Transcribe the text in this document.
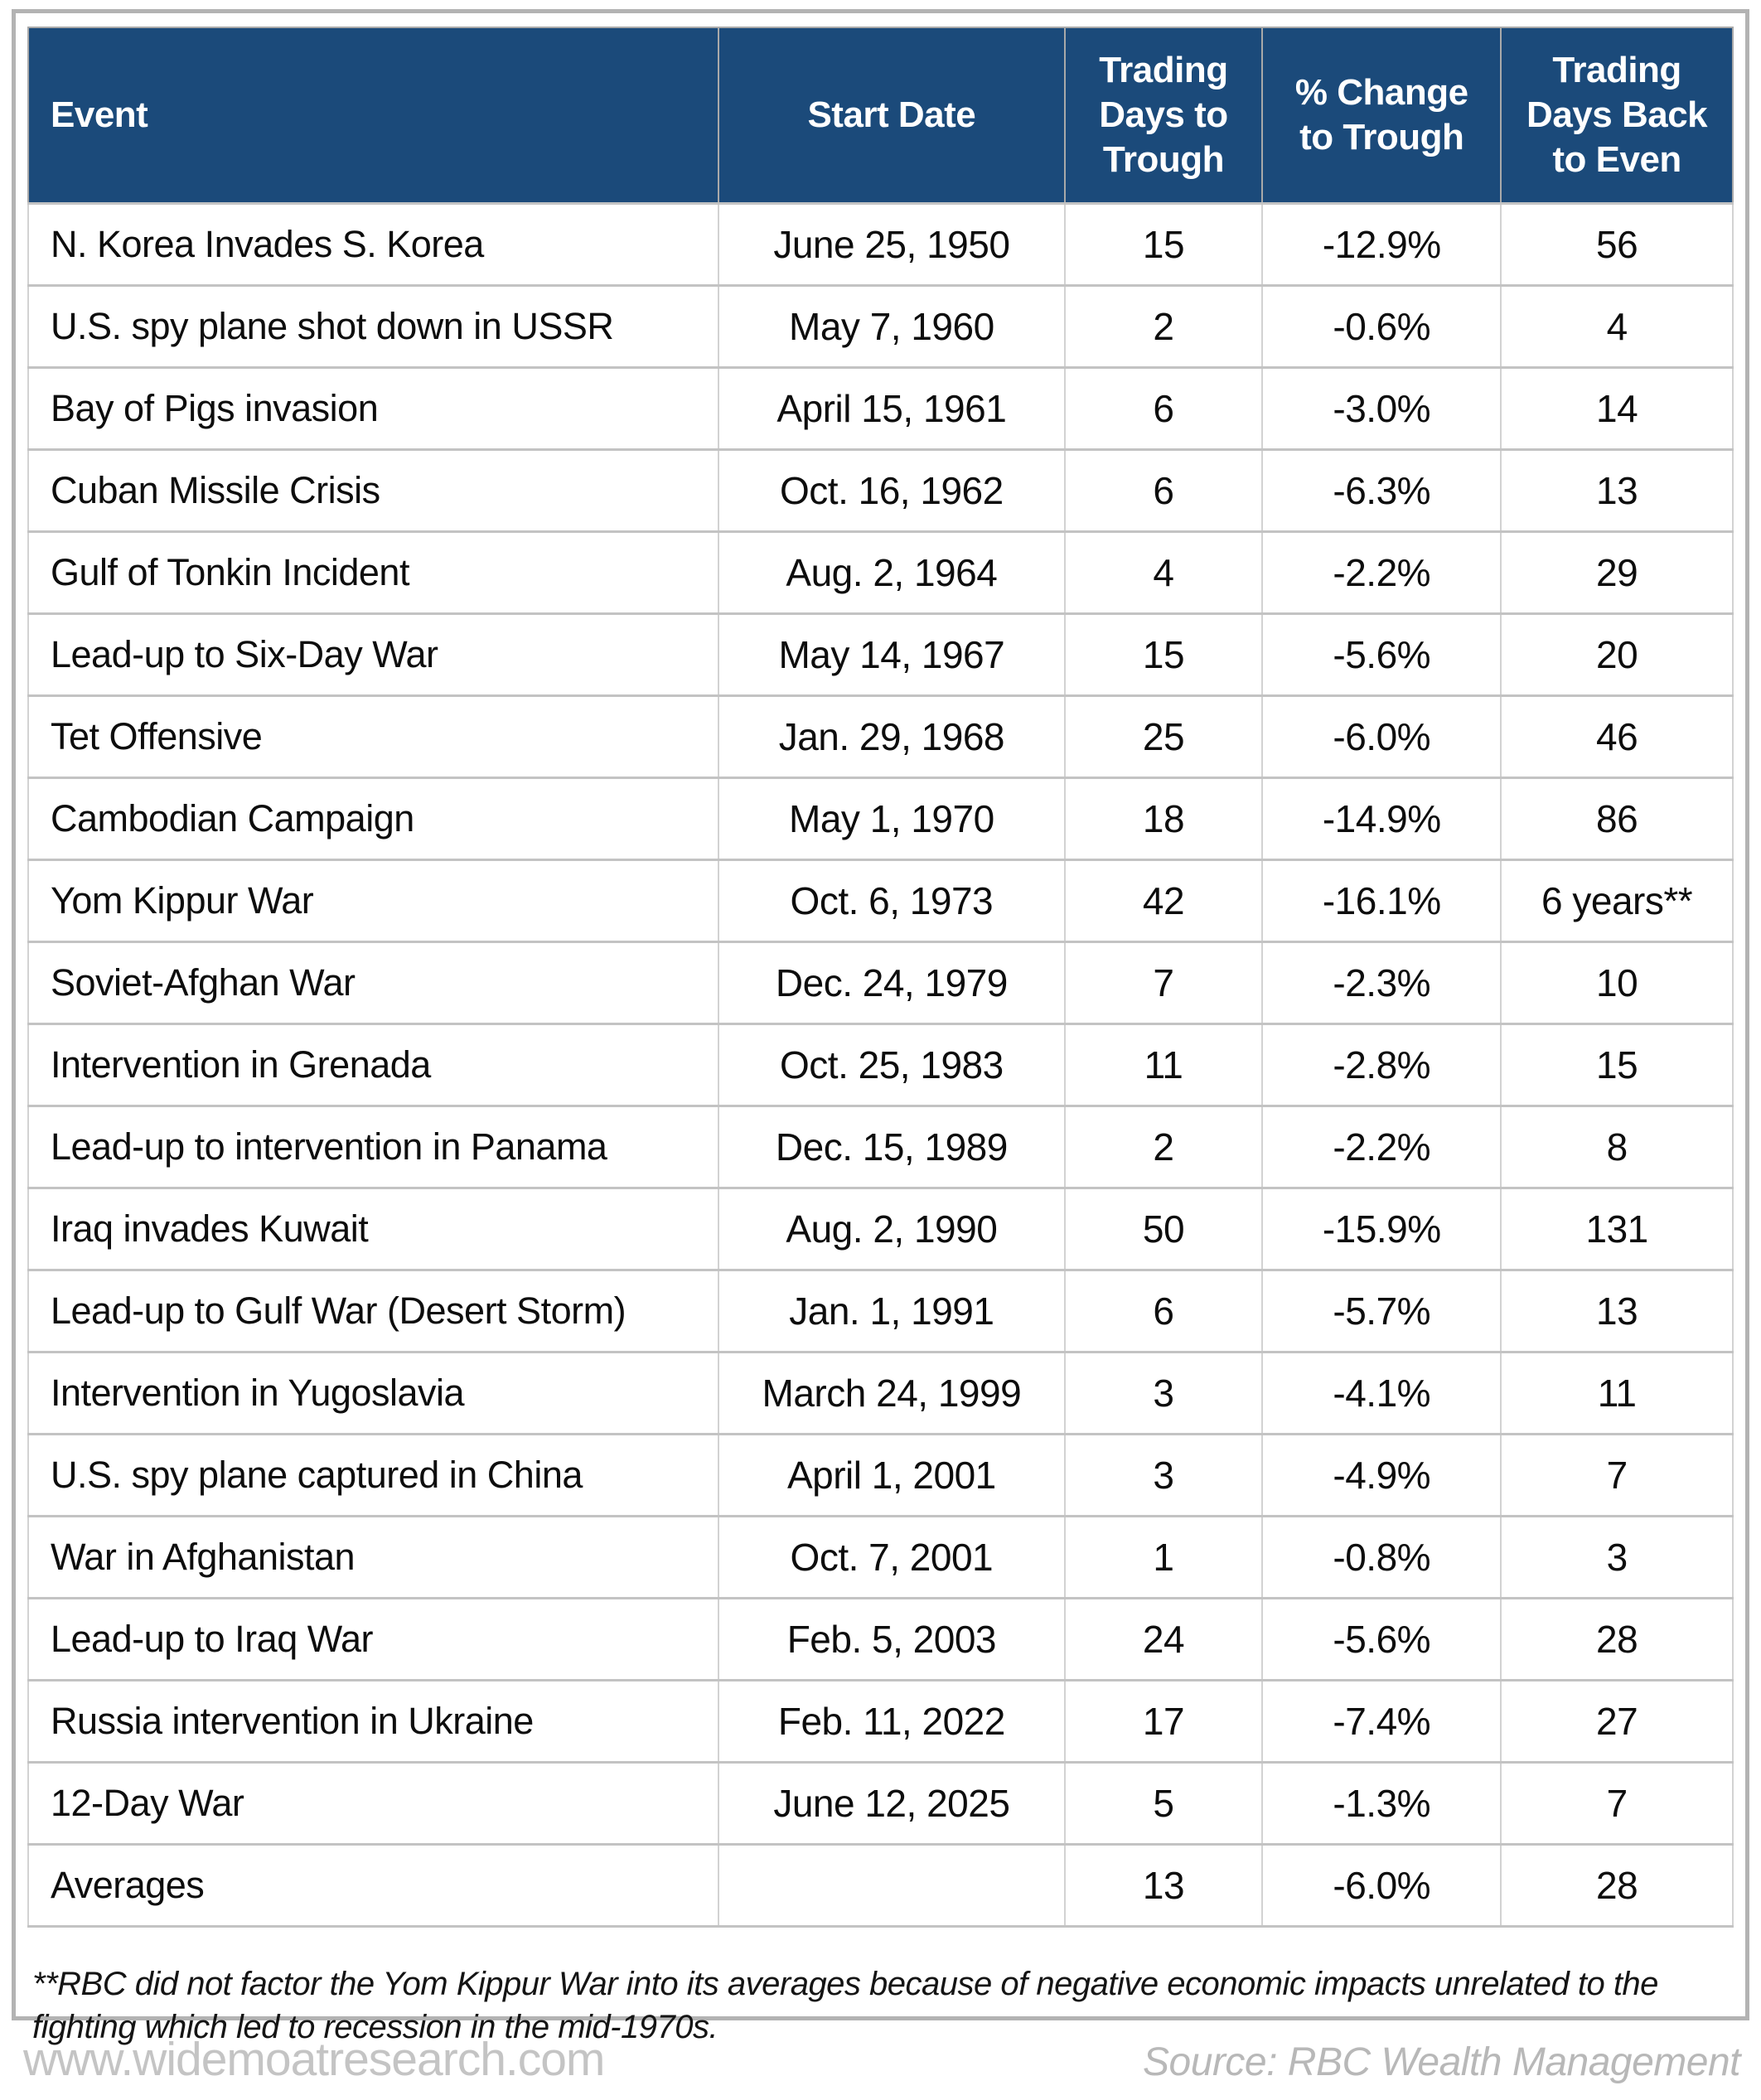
Event	Start Date	Trading Days to Trough	% Change to Trough	Trading Days Back to Even
N. Korea Invades S. Korea	June 25, 1950	15	-12.9%	56
U.S. spy plane shot down in USSR	May 7, 1960	2	-0.6%	4
Bay of Pigs invasion	April 15, 1961	6	-3.0%	14
Cuban Missile Crisis	Oct. 16, 1962	6	-6.3%	13
Gulf of Tonkin Incident	Aug. 2, 1964	4	-2.2%	29
Lead-up to Six-Day War	May 14, 1967	15	-5.6%	20
Tet Offensive	Jan. 29, 1968	25	-6.0%	46
Cambodian Campaign	May 1, 1970	18	-14.9%	86
Yom Kippur War	Oct. 6, 1973	42	-16.1%	6 years**
Soviet-Afghan War	Dec. 24, 1979	7	-2.3%	10
Intervention in Grenada	Oct. 25, 1983	11	-2.8%	15
Lead-up to intervention in Panama	Dec. 15, 1989	2	-2.2%	8
Iraq invades Kuwait	Aug. 2, 1990	50	-15.9%	131
Lead-up to Gulf War (Desert Storm)	Jan. 1, 1991	6	-5.7%	13
Intervention in Yugoslavia	March 24, 1999	3	-4.1%	11
U.S. spy plane captured in China	April 1, 2001	3	-4.9%	7
War in Afghanistan	Oct. 7, 2001	1	-0.8%	3
Lead-up to Iraq War	Feb. 5, 2003	24	-5.6%	28
Russia intervention in Ukraine	Feb. 11, 2022	17	-7.4%	27
12-Day War	June 12, 2025	5	-1.3%	7
Averages		13	-6.0%	28
**RBC did not factor the Yom Kippur War into its averages because of negative economic impacts unrelated to the fighting which led to recession in the mid-1970s.
www.widemoatresearch.com	Source: RBC Wealth Management
